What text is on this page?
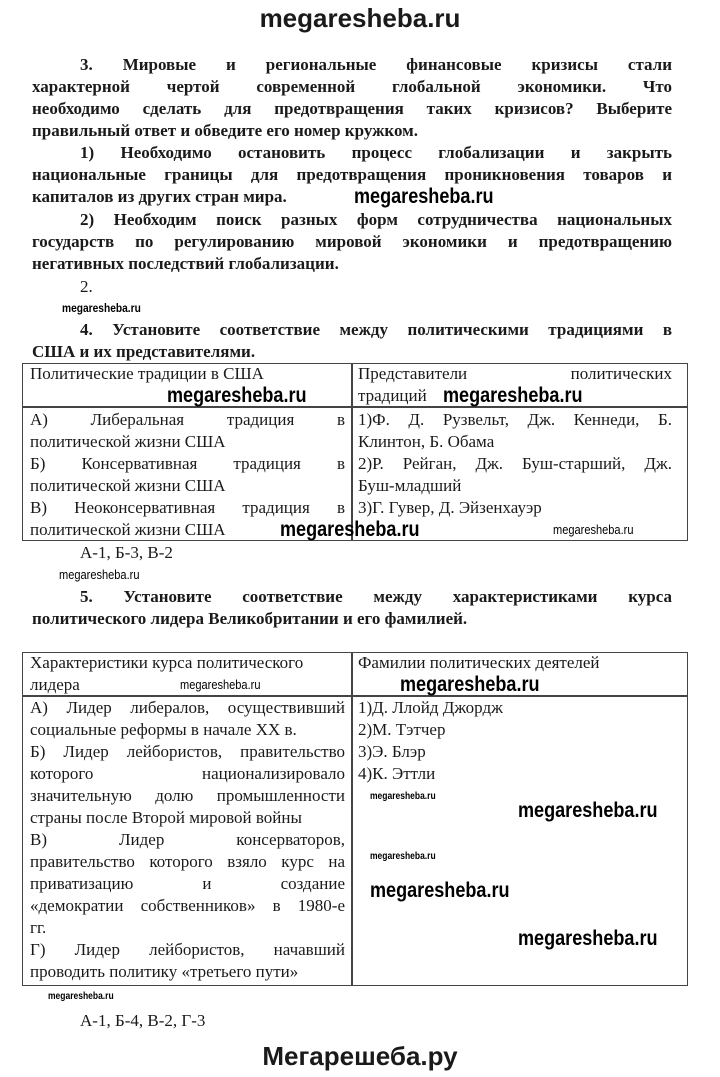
megaresheba.ru
3. Мировые и региональные финансовые кризисы стали
характерной чертой современной глобальной экономики. Что
необходимо сделать для предотвращения таких кризисов? Выберите
правильный ответ и обведите его номер кружком.
1) Необходимо остановить процесс глобализации и закрыть
национальные границы для предотвращения проникновения товаров и
капиталов из других стран мира.
2) Необходим поиск разных форм сотрудничества национальных
государств по регулированию мировой экономики и предотвращению
негативных последствий глобализации.
2.
4. Установите соответствие между политическими традициями в
США и их представителями.
Политические традиции в США	Представители политических
традиций
А) Либеральная традиция в
политической жизни США
Б) Консервативная традиция в
политической жизни США
В) Неоконсервативная традиция в
политической жизни США
1)Ф. Д. Рузвельт, Дж. Кеннеди, Б.
Клинтон, Б. Обама
2)Р. Рейган, Дж. Буш-старший, Дж.
Буш-младший
3)Г. Гувер, Д. Эйзенхауэр
А-1, Б-3, В-2
5. Установите соответствие между характеристиками курса
политического лидера Великобритании и его фамилией.
Характеристики курса политического
лидера
Фамилии политических деятелей
А) Лидер либералов, осуществивший
социальные реформы в начале XX в.
Б) Лидер лейбористов, правительство
которого национализировало
значительную долю промышленности
страны после Второй мировой войны
В) Лидер консерваторов,
правительство которого взяло курс на
приватизацию и создание
«демократии собственников» в 1980-е
гг.
Г) Лидер лейбористов, начавший
проводить политику «третьего пути»
1)Д. Ллойд Джордж
2)М. Тэтчер
3)Э. Блэр
4)К. Эттли
А-1, Б-4, В-2, Г-3
megaresheba.ru
megaresheba.ru
megaresheba.ru	megaresheba.ru
megaresheba.ru
megaresheba.ru
megaresheba.ru
megaresheba.ru
megaresheba.ru
megaresheba.ru
megaresheba.ru
megaresheba.ru
megaresheba.ru
megaresheba.ru
megaresheba.ru
Мегарешеба.ру
